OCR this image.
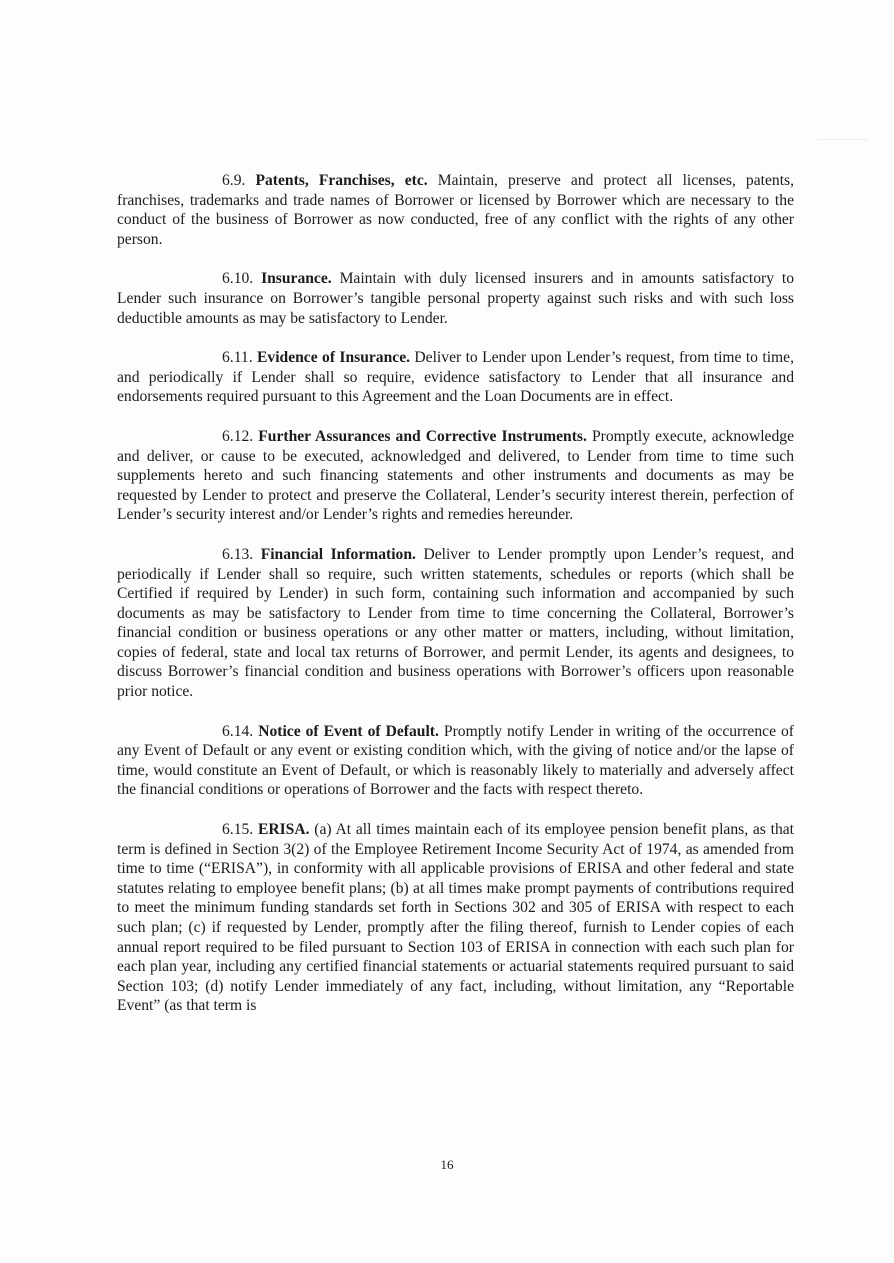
6.9. Patents, Franchises, etc. Maintain, preserve and protect all licenses, patents, franchises, trademarks and trade names of Borrower or licensed by Borrower which are necessary to the conduct of the business of Borrower as now conducted, free of any conflict with the rights of any other person.

6.10. Insurance. Maintain with duly licensed insurers and in amounts satisfactory to Lender such insurance on Borrower’s tangible personal property against such risks and with such loss deductible amounts as may be satisfactory to Lender.

6.11. Evidence of Insurance. Deliver to Lender upon Lender’s request, from time to time, and periodically if Lender shall so require, evidence satisfactory to Lender that all insurance and endorsements required pursuant to this Agreement and the Loan Documents are in effect.

6.12. Further Assurances and Corrective Instruments. Promptly execute, acknowledge and deliver, or cause to be executed, acknowledged and delivered, to Lender from time to time such supplements hereto and such financing statements and other instruments and documents as may be requested by Lender to protect and preserve the Collateral, Lender’s security interest therein, perfection of Lender’s security interest and/or Lender’s rights and remedies hereunder.

6.13. Financial Information. Deliver to Lender promptly upon Lender’s request, and periodically if Lender shall so require, such written statements, schedules or reports (which shall be Certified if required by Lender) in such form, containing such information and accompanied by such documents as may be satisfactory to Lender from time to time concerning the Collateral, Borrower’s financial condition or business operations or any other matter or matters, including, without limitation, copies of federal, state and local tax returns of Borrower, and permit Lender, its agents and designees, to discuss Borrower’s financial condition and business operations with Borrower’s officers upon reasonable prior notice.

6.14. Notice of Event of Default. Promptly notify Lender in writing of the occurrence of any Event of Default or any event or existing condition which, with the giving of notice and/or the lapse of time, would constitute an Event of Default, or which is reasonably likely to materially and adversely affect the financial conditions or operations of Borrower and the facts with respect thereto.

6.15. ERISA. (a) At all times maintain each of its employee pension benefit plans, as that term is defined in Section 3(2) of the Employee Retirement Income Security Act of 1974, as amended from time to time (“ERISA”), in conformity with all applicable provisions of ERISA and other federal and state statutes relating to employee benefit plans; (b) at all times make prompt payments of contributions required to meet the minimum funding standards set forth in Sections 302 and 305 of ERISA with respect to each such plan; (c) if requested by Lender, promptly after the filing thereof, furnish to Lender copies of each annual report required to be filed pursuant to Section 103 of ERISA in connection with each such plan for each plan year, including any certified financial statements or actuarial statements required pursuant to said Section 103; (d) notify Lender immediately of any fact, including, without limitation, any “Reportable Event” (as that term is

16
